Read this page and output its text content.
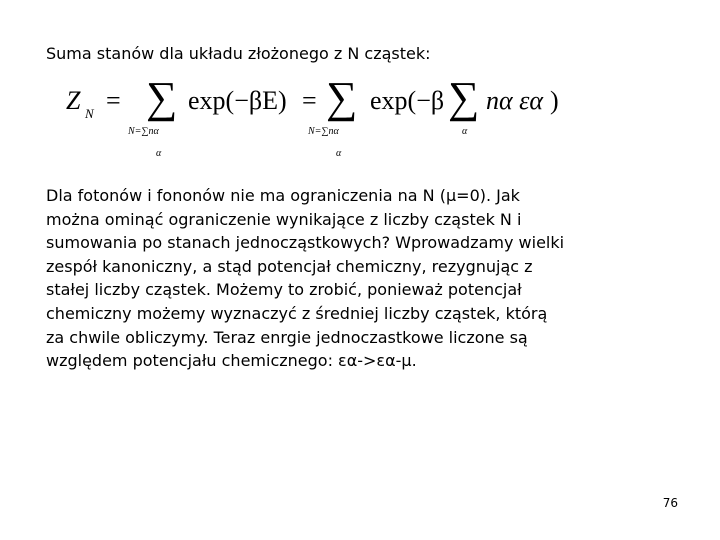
Suma stanów dla układu złożonego z N cząstek:
Z N = ∑
N=∑nα
α
exp(−βE) = ∑
N=∑nα
α
exp(−β ∑
α
nα εα )
Dla fotonów i fononów nie ma ograniczenia na N (μ=0). Jak
można ominąć ograniczenie wynikające z liczby cząstek N i
sumowania po stanach jednocząstkowych? Wprowadzamy wielki
zespół kanoniczny, a stąd potencjał chemiczny, rezygnując z
stałej liczby cząstek. Możemy to zrobić, ponieważ potencjał
chemiczny możemy wyznaczyć z średniej liczby cząstek, którą
za chwile obliczymy. Teraz enrgie jednoczastkowe liczone są
względem potencjału chemicznego: εα->εα-μ.
76
